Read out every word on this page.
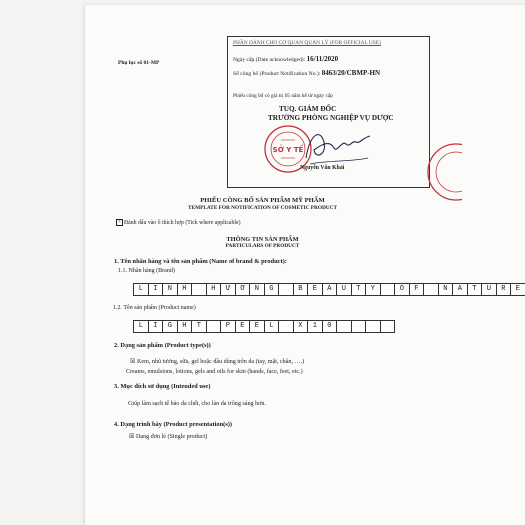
Phụ lục số 01-MP
PHẦN DÀNH CHO CƠ QUAN QUẢN LÝ (FOR OFFICIAL USE)
Ngày cấp (Date acknowledged): 16/11/2020
Số công bố (Product Notification No.): 8463/20/CBMP-HN
Phiếu công bố có giá trị 05 năm kể từ ngày cấp
TUQ. GIÁM ĐỐC
TRƯỞNG PHÒNG NGHIỆP VỤ DƯỢC
SỞ Y TẾ
Nguyễn Văn Khải
PHIẾU CÔNG BỐ SẢN PHẨM MỸ PHẨM
TEMPLATE FOR NOTIFICATION OF COSMETIC PRODUCT
× Đánh dấu vào ô thích hợp (Tick where applicable)
THÔNG TIN SẢN PHẨM
PARTICULARS OF PRODUCT
1. Tên nhãn hàng và tên sản phẩm (Name of brand & product):
1.1. Nhãn hàng (Brand)
L	I	N	H	H	Ư	Ơ	N	G	B	E	A	U	T	Y	O	F	N	A	T	U	R	E
1.2. Tên sản phẩm (Product name)
L	I	G	H	T	P	E	E	L	X	1	0
2. Dạng sản phẩm (Product type(s))
☒ Kem, nhũ tương, sữa, gel hoặc dầu dùng trên da (tay, mặt, chân, ….)
Creams, emulsions, lotions, gels and oils for skin (hands, face, feet, etc.)
3. Mục đích sử dụng (Intended use)
Giúp làm sạch tế bào da chết, cho làn da trông sáng hơn.
4. Dạng trình bày (Product presentation(s))
☒ Dạng đơn lẻ (Single product)
